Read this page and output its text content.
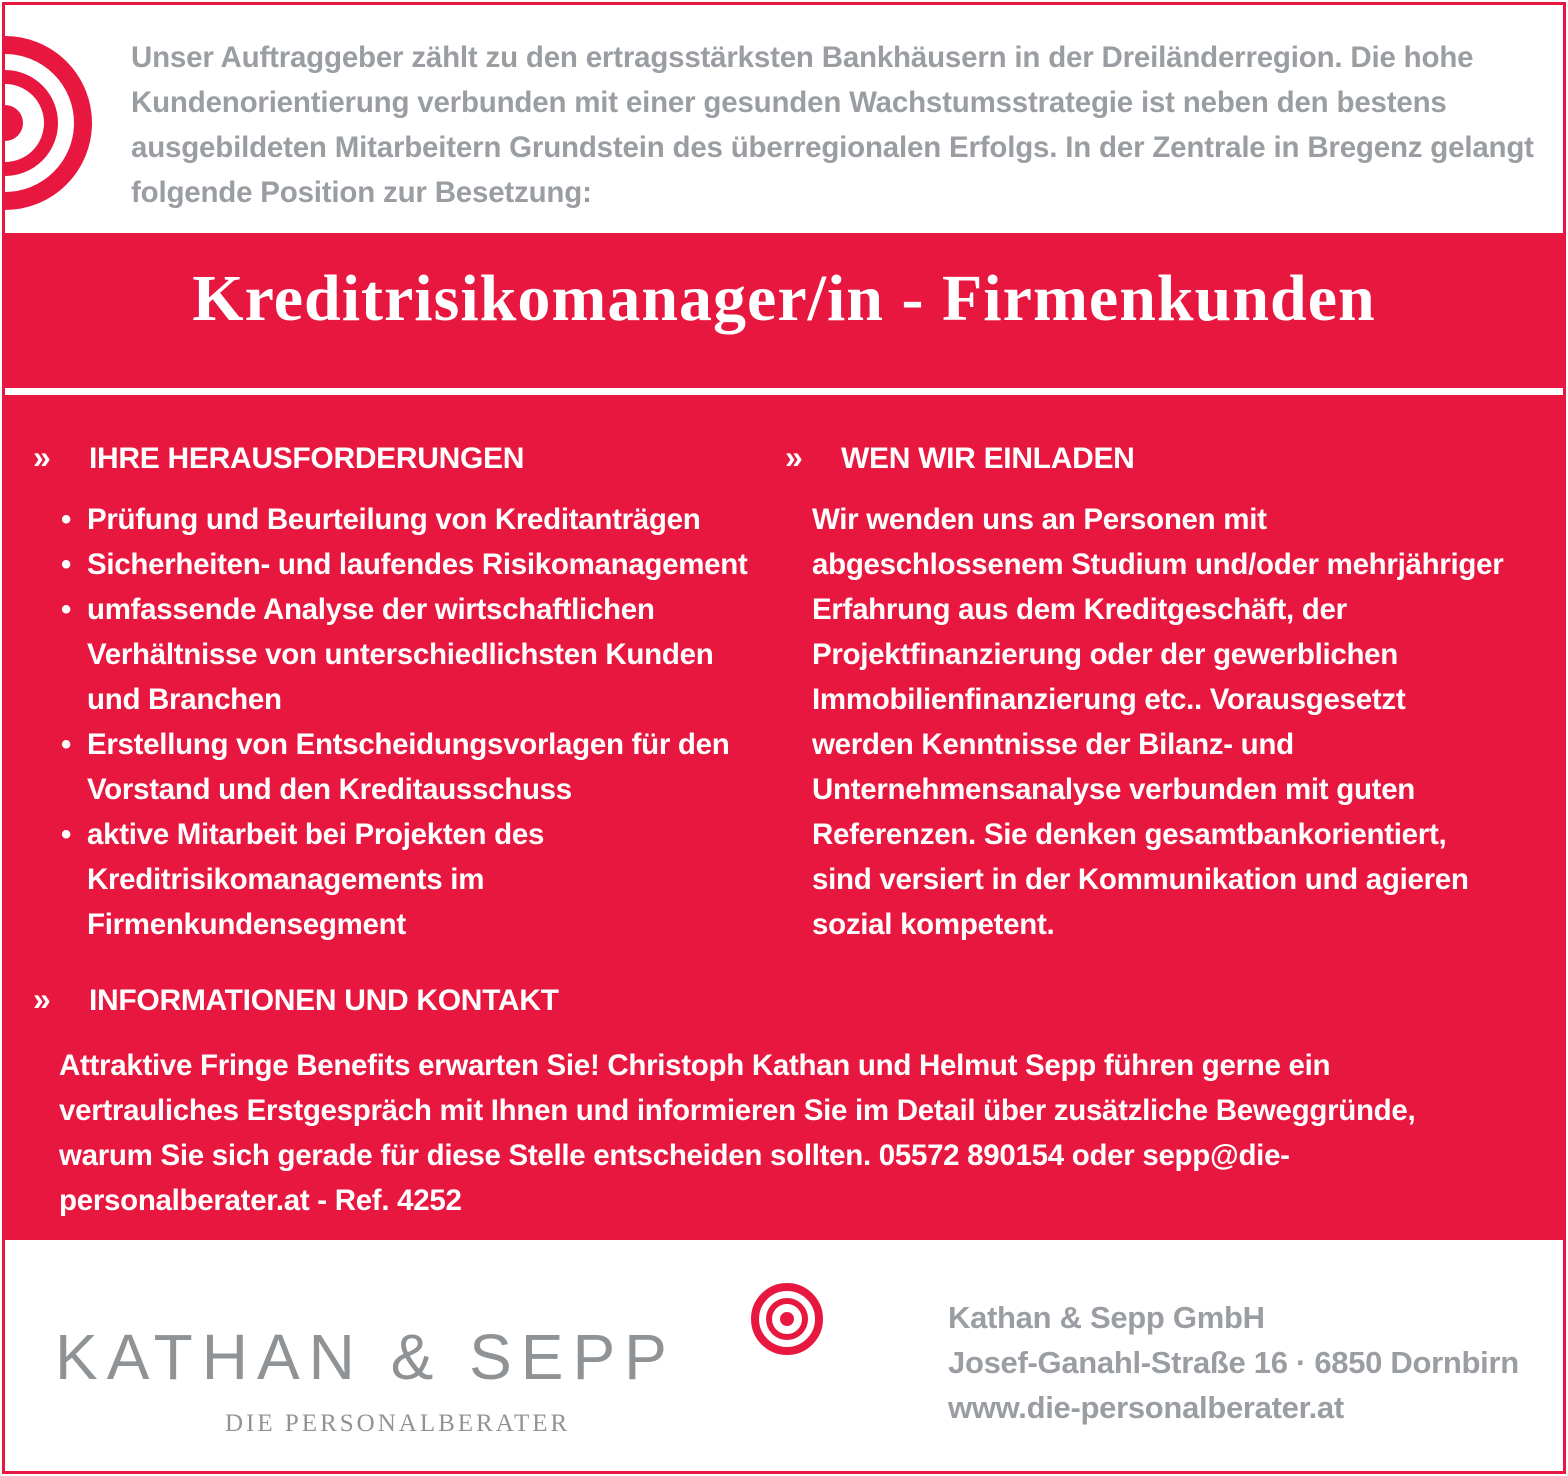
Unser Auftraggeber zählt zu den ertragsstärksten Bankhäusern in der Dreiländerregion. Die hohe Kundenorientierung verbunden mit einer gesunden Wachstumsstrategie ist neben den bestens ausgebildeten Mitarbeitern Grundstein des überregionalen Erfolgs. In der Zentrale in Bregenz gelangt folgende Position zur Besetzung:

Kreditrisikomanager/in - Firmenkunden
» IHRE HERAUSFORDERUNGEN
• Prüfung und Beurteilung von Kreditanträgen
• Sicherheiten- und laufendes Risikomanagement
• umfassende Analyse der wirtschaftlichen Verhältnisse von unterschiedlichsten Kunden und Branchen
• Erstellung von Entscheidungsvorlagen für den Vorstand und den Kreditausschuss
• aktive Mitarbeit bei Projekten des Kreditrisikomanagements im Firmenkundensegment
» WEN WIR EINLADEN

Wir wenden uns an Personen mit abgeschlossenem Studium und/oder mehrjähriger Erfahrung aus dem Kreditgeschäft, der Projektfinanzierung oder der gewerblichen Immobilienfinanzierung etc.. Vorausgesetzt werden Kenntnisse der Bilanz- und Unternehmensanalyse verbunden mit guten Referenzen. Sie denken gesamtbankorientiert, sind versiert in der Kommunikation und agieren sozial kompetent.

» INFORMATIONEN UND KONTAKT

Attraktive Fringe Benefits erwarten Sie! Christoph Kathan und Helmut Sepp führen gerne ein vertrauliches Erstgespräch mit Ihnen und informieren Sie im Detail über zusätzliche Beweggründe, warum Sie sich gerade für diese Stelle entscheiden sollten. 05572 890154 oder sepp@die-personalberater.at - Ref. 4252

KATHAN & SEPP
DIE PERSONALBERATER
Kathan & Sepp GmbH
Josef-Ganahl-Straße 16 · 6850 Dornbirn
www.die-personalberater.at
